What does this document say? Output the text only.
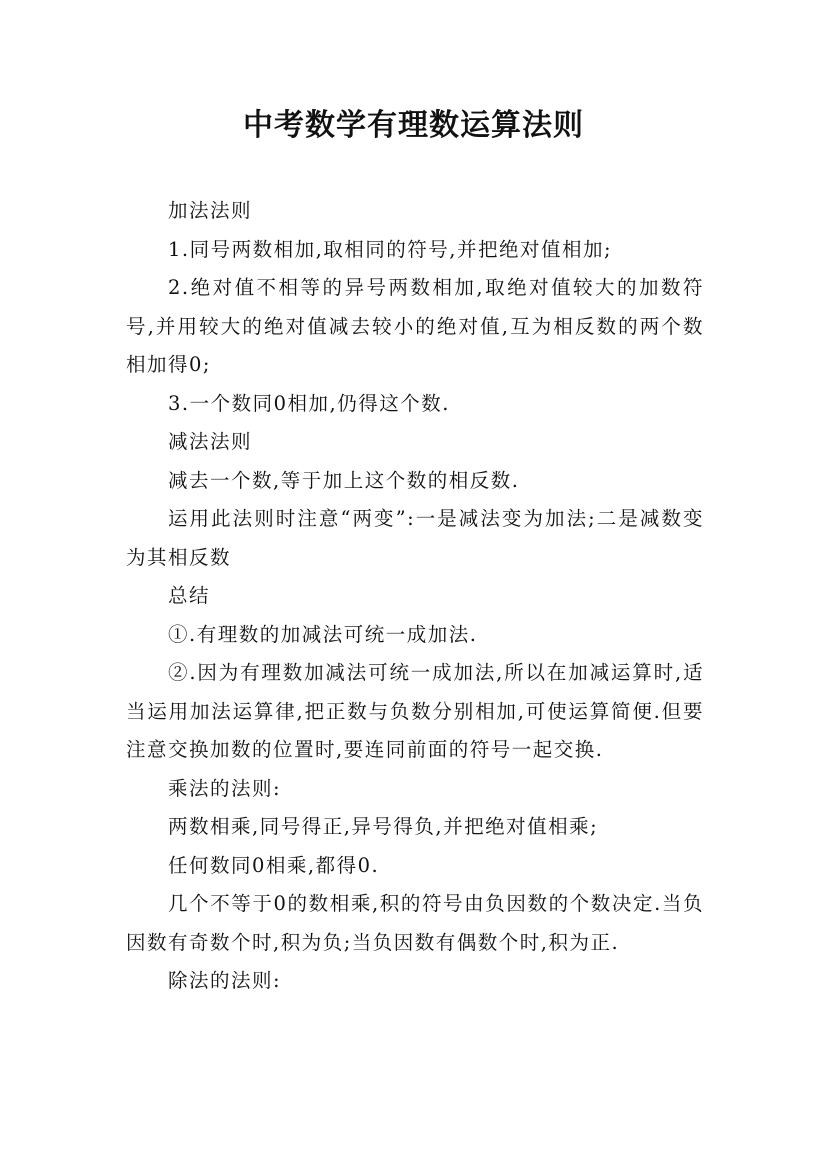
中考数学有理数运算法则

加法法则

1.同号两数相加,取相同的符号,并把绝对值相加;

2.绝对值不相等的异号两数相加,取绝对值较大的加数符号,并用较大的绝对值减去较小的绝对值,互为相反数的两个数相加得0;

3.一个数同0相加,仍得这个数.

减法法则

减去一个数,等于加上这个数的相反数.

运用此法则时注意“两变”:一是减法变为加法;二是减数变为其相反数

总结

①.有理数的加减法可统一成加法.

②.因为有理数加减法可统一成加法,所以在加减运算时,适当运用加法运算律,把正数与负数分别相加,可使运算简便.但要注意交换加数的位置时,要连同前面的符号一起交换.

乘法的法则:

两数相乘,同号得正,异号得负,并把绝对值相乘;

任何数同0相乘,都得0.

几个不等于0的数相乘,积的符号由负因数的个数决定.当负因数有奇数个时,积为负;当负因数有偶数个时,积为正.

除法的法则:
